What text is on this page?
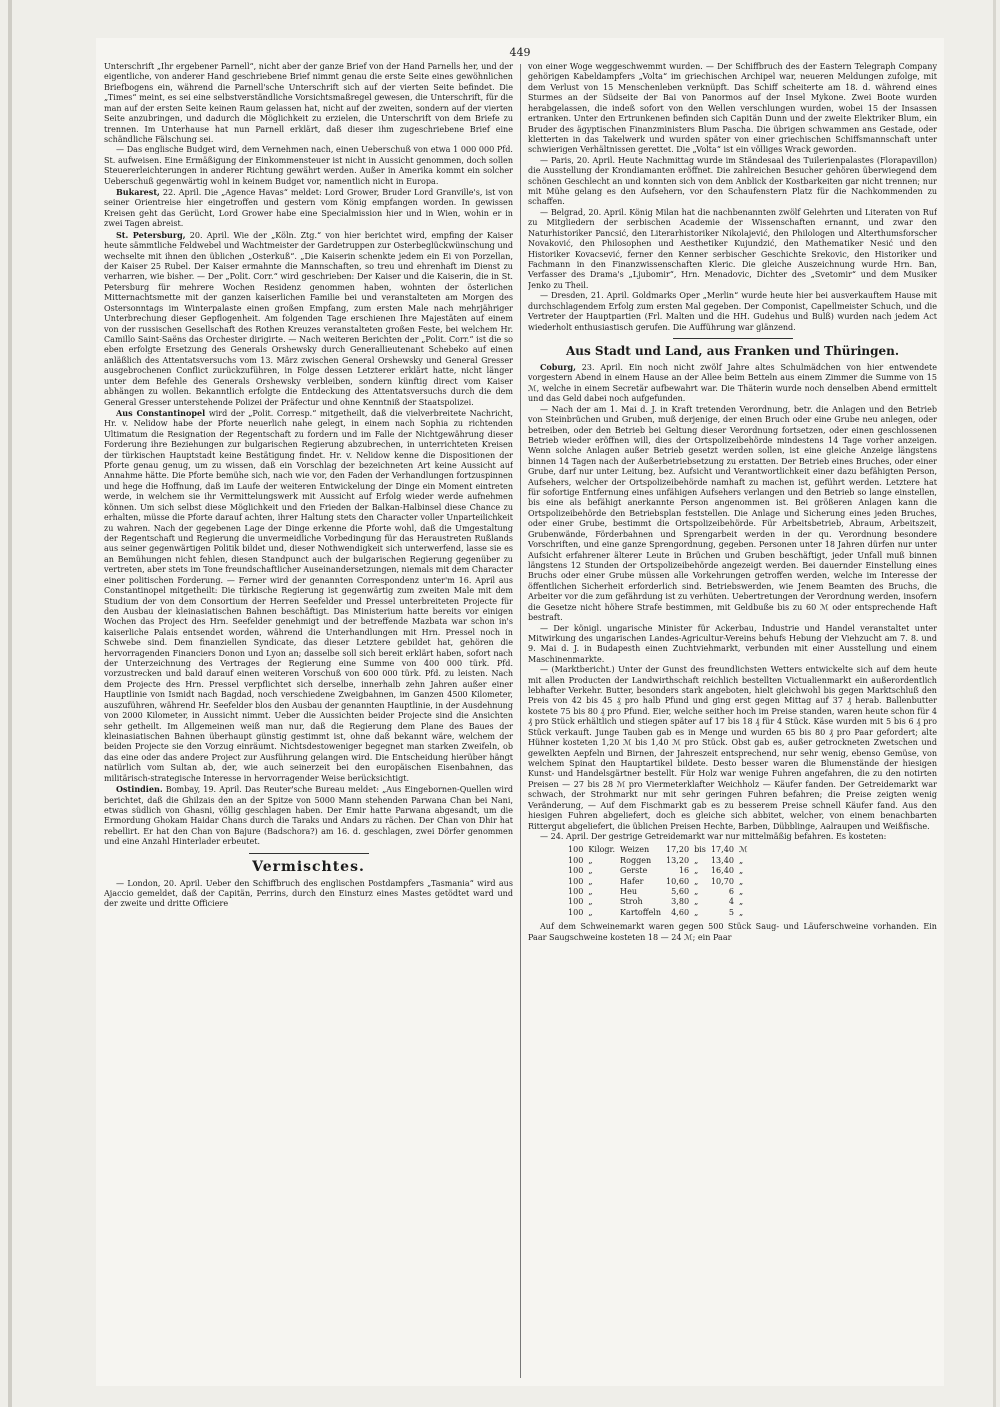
449

Unterschrift „Ihr ergebener Parnell“, nicht aber der ganze Brief von der Hand Parnells her, und der eigentliche, von anderer Hand geschriebene Brief nimmt genau die erste Seite eines gewöhnlichen Briefbogens ein, während die Parnell'sche Unterschrift sich auf der vierten Seite befindet. Die „Times“ meint, es sei eine selbstverständliche Vorsichtsmaßregel gewesen, die Unterschrift, für die man auf der ersten Seite keinen Raum gelassen hat, nicht auf der zweiten, sondern auf der vierten Seite anzubringen, und dadurch die Möglichkeit zu erzielen, die Unterschrift von dem Briefe zu trennen. Im Unterhause hat nun Parnell erklärt, daß dieser ihm zugeschriebene Brief eine schändliche Fälschung sei.

— Das englische Budget wird, dem Vernehmen nach, einen Ueberschuß von etwa 1 000 000 Pfd. St. aufweisen. Eine Ermäßigung der Einkommensteuer ist nicht in Aussicht genommen, doch sollen Steuererleichterungen in anderer Richtung gewährt werden. Außer in Amerika kommt ein solcher Ueberschuß gegenwärtig wohl in keinem Budget vor, namentlich nicht in Europa.

Bukarest, 22. April. Die „Agence Havas“ meldet: Lord Grower, Bruder Lord Granville's, ist von seiner Orientreise hier eingetroffen und gestern vom König empfangen worden. In gewissen Kreisen geht das Gerücht, Lord Grower habe eine Specialmission hier und in Wien, wohin er in zwei Tagen abreist.

St. Petersburg, 20. April. Wie der „Köln. Ztg.“ von hier berichtet wird, empfing der Kaiser heute sämmtliche Feldwebel und Wachtmeister der Gardetruppen zur Osterbeglückwünschung und wechselte mit ihnen den üblichen „Osterkuß“. „Die Kaiserin schenkte jedem ein Ei von Porzellan, der Kaiser 25 Rubel. Der Kaiser ermahnte die Mannschaften, so treu und ehrenhaft im Dienst zu verharren, wie bisher. — Der „Polit. Corr.“ wird geschrieben: Der Kaiser und die Kaiserin, die in St. Petersburg für mehrere Wochen Residenz genommen haben, wohnten der österlichen Mitternachtsmette mit der ganzen kaiserlichen Familie bei und veranstalteten am Morgen des Ostersonntags im Winterpalaste einen großen Empfang, zum ersten Male nach mehrjähriger Unterbrechung dieser Gepflogenheit. Am folgenden Tage erschienen Ihre Majestäten auf einem von der russischen Gesellschaft des Rothen Kreuzes veranstalteten großen Feste, bei welchem Hr. Camillo Saint-Saëns das Orchester dirigirte. — Nach weiteren Berichten der „Polit. Corr.“ ist die so eben erfolgte Ersetzung des Generals Orshewsky durch Generallieutenant Schebeko auf einen anläßlich des Attentatsversuchs vom 13. März zwischen General Orshewsky und General Gresser ausgebrochenen Conflict zurückzuführen, in Folge dessen Letzterer erklärt hatte, nicht länger unter dem Befehle des Generals Orshewsky verbleiben, sondern künftig direct vom Kaiser abhängen zu wollen. Bekanntlich erfolgte die Entdeckung des Attentatsversuchs durch die dem General Gresser unterstehende Polizei der Präfectur und ohne Kenntniß der Staatspolizei.

Aus Constantinopel wird der „Polit. Corresp.“ mitgetheilt, daß die vielverbreitete Nachricht, Hr. v. Nelidow habe der Pforte neuerlich nahe gelegt, in einem nach Sophia zu richtenden Ultimatum die Resignation der Regentschaft zu fordern und im Falle der Nichtgewährung dieser Forderung ihre Beziehungen zur bulgarischen Regierung abzubrechen, in unterrichteten Kreisen der türkischen Hauptstadt keine Bestätigung findet. Hr. v. Nelidow kenne die Dispositionen der Pforte genau genug, um zu wissen, daß ein Vorschlag der bezeichneten Art keine Aussicht auf Annahme hätte. Die Pforte bemühe sich, nach wie vor, den Faden der Verhandlungen fortzuspinnen und hege die Hoffnung, daß im Laufe der weiteren Entwickelung der Dinge ein Moment eintreten werde, in welchem sie ihr Vermittelungswerk mit Aussicht auf Erfolg wieder werde aufnehmen können. Um sich selbst diese Möglichkeit und den Frieden der Balkan-Halbinsel diese Chance zu erhalten, müsse die Pforte darauf achten, ihrer Haltung stets den Character voller Unparteilichkeit zu wahren. Nach der gegebenen Lage der Dinge erkenne die Pforte wohl, daß die Umgestaltung der Regentschaft und Regierung die unvermeidliche Vorbedingung für das Heraustreten Rußlands aus seiner gegenwärtigen Politik bildet und, dieser Nothwendigkeit sich unterwerfend, lasse sie es an Bemühungen nicht fehlen, diesen Standpunct auch der bulgarischen Regierung gegenüber zu vertreten, aber stets im Tone freundschaftlicher Auseinandersetzungen, niemals mit dem Character einer politischen Forderung. — Ferner wird der genannten Correspondenz unter'm 16. April aus Constantinopel mitgetheilt: Die türkische Regierung ist gegenwärtig zum zweiten Male mit dem Studium der von dem Consortium der Herren Seefelder und Pressel unterbreiteten Projecte für den Ausbau der kleinasiatischen Bahnen beschäftigt. Das Ministerium hatte bereits vor einigen Wochen das Project des Hrn. Seefelder genehmigt und der betreffende Mazbata war schon in's kaiserliche Palais entsendet worden, während die Unterhandlungen mit Hrn. Pressel noch in Schwebe sind. Dem finanziellen Syndicate, das dieser Letztere gebildet hat, gehören die hervorragenden Financiers Donon und Lyon an; dasselbe soll sich bereit erklärt haben, sofort nach der Unterzeichnung des Vertrages der Regierung eine Summe von 400 000 türk. Pfd. vorzustrecken und bald darauf einen weiteren Vorschuß von 600 000 türk. Pfd. zu leisten. Nach dem Projecte des Hrn. Pressel verpflichtet sich derselbe, innerhalb zehn Jahren außer einer Hauptlinie von Ismidt nach Bagdad, noch verschiedene Zweigbahnen, im Ganzen 4500 Kilometer, auszuführen, während Hr. Seefelder blos den Ausbau der genannten Hauptlinie, in der Ausdehnung von 2000 Kilometer, in Aussicht nimmt. Ueber die Aussichten beider Projecte sind die Ansichten sehr getheilt. Im Allgemeinen weiß man nur, daß die Regierung dem Plane des Baues der kleinasiatischen Bahnen überhaupt günstig gestimmt ist, ohne daß bekannt wäre, welchem der beiden Projecte sie den Vorzug einräumt. Nichtsdestoweniger begegnet man starken Zweifeln, ob das eine oder das andere Project zur Ausführung gelangen wird. Die Entscheidung hierüber hängt natürlich vom Sultan ab, der, wie auch seinerzeit bei den europäischen Eisenbahnen, das militärisch-strategische Interesse in hervorragender Weise berücksichtigt.

Ostindien. Bombay, 19. April. Das Reuter'sche Bureau meldet: „Aus Eingebornen-Quellen wird berichtet, daß die Ghilzais den an der Spitze von 5000 Mann stehenden Parwana Chan bei Nani, etwas südlich von Ghasni, völlig geschlagen haben. Der Emir hatte Parwana abgesandt, um die Ermordung Ghokam Haidar Chans durch die Taraks und Andars zu rächen. Der Chan von Dhir hat rebellirt. Er hat den Chan von Bajure (Badschora?) am 16. d. geschlagen, zwei Dörfer genommen und eine Anzahl Hinterlader erbeutet.

Vermischtes.

— London, 20. April. Ueber den Schiffbruch des englischen Postdampfers „Tasmania“ wird aus Ajaccio gemeldet, daß der Capitän, Perrins, durch den Einsturz eines Mastes getödtet ward und der zweite und dritte Officiere

von einer Woge weggeschwemmt wurden. — Der Schiffbruch des der Eastern Telegraph Company gehörigen Kabeldampfers „Volta“ im griechischen Archipel war, neueren Meldungen zufolge, mit dem Verlust von 15 Menschenleben verknüpft. Das Schiff scheiterte am 18. d. während eines Sturmes an der Südseite der Bai von Panormos auf der Insel Mykone. Zwei Boote wurden herabgelassen, die indeß sofort von den Wellen verschlungen wurden, wobei 15 der Insassen ertranken. Unter den Ertrunkenen befinden sich Capitän Dunn und der zweite Elektriker Blum, ein Bruder des ägyptischen Finanzministers Blum Pascha. Die übrigen schwammen ans Gestade, oder kletterten in das Takelwerk und wurden später von einer griechischen Schiffsmannschaft unter schwierigen Verhältnissen gerettet. Die „Volta“ ist ein völliges Wrack geworden.

— Paris, 20. April. Heute Nachmittag wurde im Ständesaal des Tuilerienpalastes (Florapavillon) die Ausstellung der Krondiamanten eröffnet. Die zahlreichen Besucher gehören überwiegend dem schönen Geschlecht an und konnten sich von dem Anblick der Kostbarkeiten gar nicht trennen; nur mit Mühe gelang es den Aufsehern, vor den Schaufenstern Platz für die Nachkommenden zu schaffen.

— Belgrad, 20. April. König Milan hat die nachbenannten zwölf Gelehrten und Literaten von Ruf zu Mitgliedern der serbischen Academie der Wissenschaften ernannt, und zwar den Naturhistoriker Pancsić, den Literarhistoriker Nikolajević, den Philologen und Alterthumsforscher Novaković, den Philosophen und Aesthetiker Kujundzić, den Mathematiker Nesić und den Historiker Kovacsević, ferner den Kenner serbischer Geschichte Srekovic, den Historiker und Fachmann in den Finanzwissenschaften Kleric. Die gleiche Auszeichnung wurde Hrn. Ban, Verfasser des Drama's „Ljubomir“, Hrn. Menadovic, Dichter des „Svetomir“ und dem Musiker Jenko zu Theil.

— Dresden, 21. April. Goldmarks Oper „Merlin“ wurde heute hier bei ausverkauftem Hause mit durchschlagendem Erfolg zum ersten Mal gegeben. Der Componist, Capellmeister Schuch, und die Vertreter der Hauptpartien (Frl. Malten und die HH. Gudehus und Bulß) wurden nach jedem Act wiederholt enthusiastisch gerufen. Die Aufführung war glänzend.

Aus Stadt und Land, aus Franken und Thüringen.

Coburg, 23. April. Ein noch nicht zwölf Jahre altes Schulmädchen von hier entwendete vorgestern Abend in einem Hause an der Allee beim Betteln aus einem Zimmer die Summe von 15 ℳ, welche in einem Secretär aufbewahrt war. Die Thäterin wurde noch denselben Abend ermittelt und das Geld dabei noch aufgefunden.

— Nach der am 1. Mai d. J. in Kraft tretenden Verordnung, betr. die Anlagen und den Betrieb von Steinbrüchen und Gruben, muß derjenige, der einen Bruch oder eine Grube neu anlegen, oder betreiben, oder den Betrieb bei Geltung dieser Verordnung fortsetzen, oder einen geschlossenen Betrieb wieder eröffnen will, dies der Ortspolizeibehörde mindestens 14 Tage vorher anzeigen. Wenn solche Anlagen außer Betrieb gesetzt werden sollen, ist eine gleiche Anzeige längstens binnen 14 Tagen nach der Außerbetriebsetzung zu erstatten. Der Betrieb eines Bruches, oder einer Grube, darf nur unter Leitung, bez. Aufsicht und Verantwortlichkeit einer dazu befähigten Person, Aufsehers, welcher der Ortspolizeibehörde namhaft zu machen ist, geführt werden. Letztere hat für sofortige Entfernung eines unfähigen Aufsehers verlangen und den Betrieb so lange einstellen, bis eine als befähigt anerkannte Person angenommen ist. Bei größeren Anlagen kann die Ortspolizeibehörde den Betriebsplan feststellen. Die Anlage und Sicherung eines jeden Bruches, oder einer Grube, bestimmt die Ortspolizeibehörde. Für Arbeitsbetrieb, Abraum, Arbeitszeit, Grubenwände, Förderbahnen und Sprengarbeit werden in der qu. Verordnung besondere Vorschriften, und eine ganze Sprengordnung, gegeben. Personen unter 18 Jahren dürfen nur unter Aufsicht erfahrener älterer Leute in Brüchen und Gruben beschäftigt, jeder Unfall muß binnen längstens 12 Stunden der Ortspolizeibehörde angezeigt werden. Bei dauernder Einstellung eines Bruchs oder einer Grube müssen alle Vorkehrungen getroffen werden, welche im Interesse der öffentlichen Sicherheit erforderlich sind. Betriebswerden, wie Jenem Beamten des Bruchs, die Arbeiter vor die zum gefährdung ist zu verhüten. Uebertretungen der Verordnung werden, insofern die Gesetze nicht höhere Strafe bestimmen, mit Geldbuße bis zu 60 ℳ oder entsprechende Haft bestraft.

— Der königl. ungarische Minister für Ackerbau, Industrie und Handel veranstaltet unter Mitwirkung des ungarischen Landes-Agricultur-Vereins behufs Hebung der Viehzucht am 7. 8. und 9. Mai d. J. in Budapesth einen Zuchtviehmarkt, verbunden mit einer Ausstellung und einem Maschinenmarkte.

— (Marktbericht.) Unter der Gunst des freundlichsten Wetters entwickelte sich auf dem heute mit allen Producten der Landwirthschaft reichlich bestellten Victualienmarkt ein außerordentlich lebhafter Verkehr. Butter, besonders stark angeboten, hielt gleichwohl bis gegen Marktschluß den Preis von 42 bis 45 ₰ pro halb Pfund und ging erst gegen Mittag auf 37 ₰ herab. Ballenbutter kostete 75 bis 80 ₰ pro Pfund. Eier, welche seither hoch im Preise standen, waren heute schon für 4 ₰ pro Stück erhältlich und stiegen später auf 17 bis 18 ₰ für 4 Stück. Käse wurden mit 5 bis 6 ₰ pro Stück verkauft. Junge Tauben gab es in Menge und wurden 65 bis 80 ₰ pro Paar gefordert; alte Hühner kosteten 1,20 ℳ bis 1,40 ℳ pro Stück. Obst gab es, außer getrockneten Zwetschen und gewelkten Aepfeln und Birnen, der Jahreszeit entsprechend, nur sehr wenig, ebenso Gemüse, von welchem Spinat den Hauptartikel bildete. Desto besser waren die Blumenstände der hiesigen Kunst- und Handelsgärtner bestellt. Für Holz war wenige Fuhren angefahren, die zu den notirten Preisen — 27 bis 28 ℳ pro Viermeterklafter Weichholz — Käufer fanden. Der Getreidemarkt war schwach, der Strohmarkt nur mit sehr geringen Fuhren befahren; die Preise zeigten wenig Veränderung, — Auf dem Fischmarkt gab es zu besserem Preise schnell Käufer fand. Aus den hiesigen Fuhren abgeliefert, doch es gleiche sich abbitet, welcher, von einem benachbarten Rittergut abgeliefert, die üblichen Preisen Hechte, Barben, Dübblinge, Aalraupen und Weißfische.

— 24. April. Der gestrige Getreidemarkt war nur mittelmäßig befahren. Es kosteten:

100	Kilogr.	Weizen	17,20	bis	17,40	ℳ
100	„	Roggen	13,20	„	13,40	„
100	„	Gerste	16	„	16,40	„
100	„	Hafer	10,60	„	10,70	„
100	„	Heu	5,60	„	6	„
100	„	Stroh	3,80	„	4	„
100	„	Kartoffeln	4,60	„	5	„

Auf dem Schweinemarkt waren gegen 500 Stück Saug- und Läuferschweine vorhanden. Ein Paar Saugschweine kosteten 18 — 24 ℳ; ein Paar
